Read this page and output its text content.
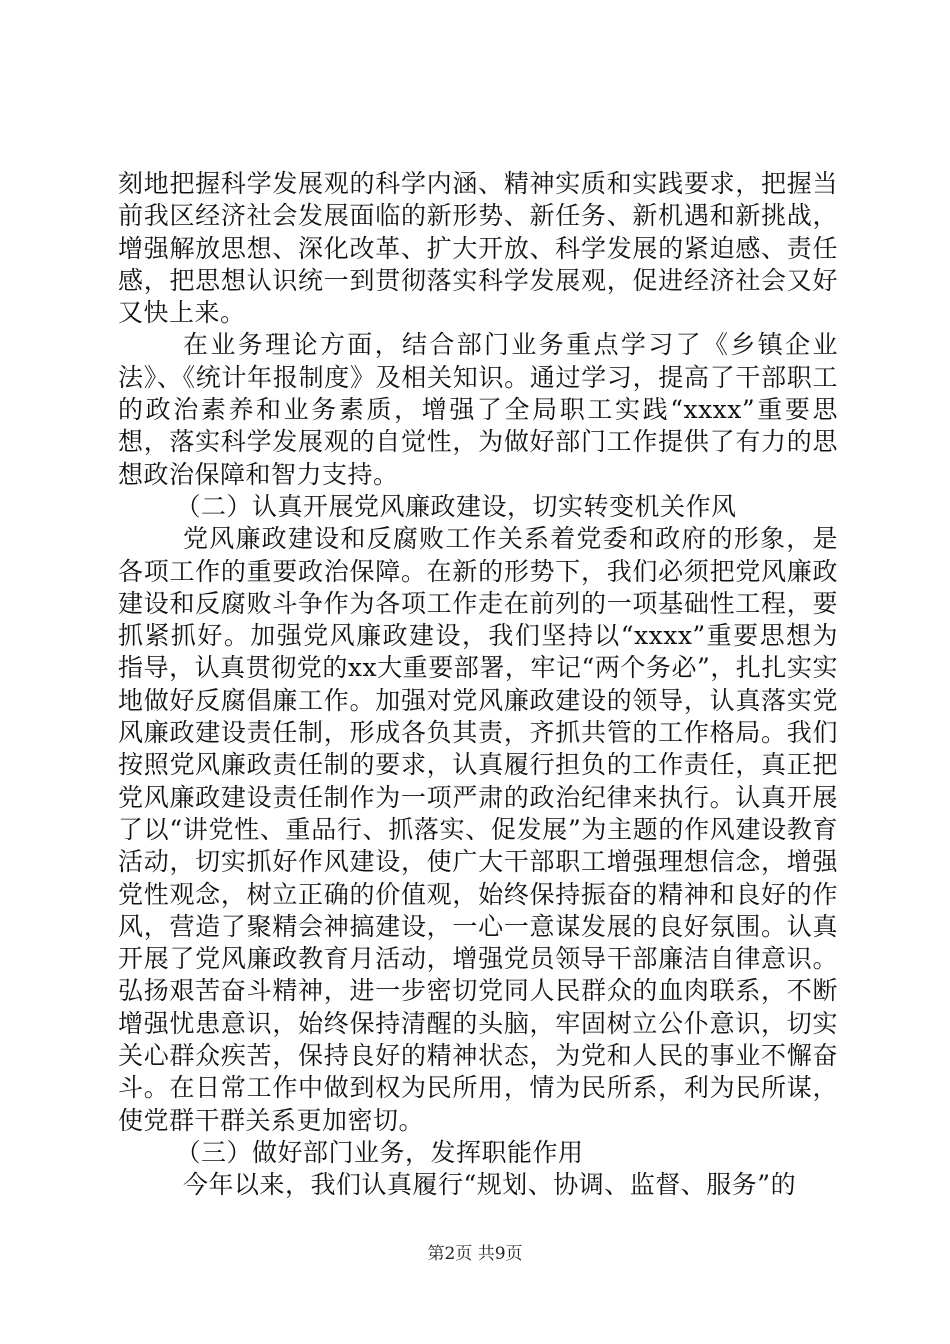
刻地把握科学发展观的科学内涵、精神实质和实践要求，把握当前我区经济社会发展面临的新形势、新任务、新机遇和新挑战，增强解放思想、深化改革、扩大开放、科学发展的紧迫感、责任感，把思想认识统一到贯彻落实科学发展观，促进经济社会又好又快上来。

在业务理论方面，结合部门业务重点学习了《乡镇企业法》、《统计年报制度》及相关知识。通过学习，提高了干部职工的政治素养和业务素质，增强了全局职工实践“xxxx”重要思想，落实科学发展观的自觉性，为做好部门工作提供了有力的思想政治保障和智力支持。

（二）认真开展党风廉政建设，切实转变机关作风

党风廉政建设和反腐败工作关系着党委和政府的形象，是各项工作的重要政治保障。在新的形势下，我们必须把党风廉政建设和反腐败斗争作为各项工作走在前列的一项基础性工程，要抓紧抓好。加强党风廉政建设，我们坚持以“xxxx”重要思想为指导，认真贯彻党的xx大重要部署，牢记“两个务必”，扎扎实实地做好反腐倡廉工作。加强对党风廉政建设的领导，认真落实党风廉政建设责任制，形成各负其责，齐抓共管的工作格局。我们按照党风廉政责任制的要求，认真履行担负的工作责任，真正把党风廉政建设责任制作为一项严肃的政治纪律来执行。认真开展了以“讲党性、重品行、抓落实、促发展”为主题的作风建设教育活动，切实抓好作风建设，使广大干部职工增强理想信念，增强党性观念，树立正确的价值观，始终保持振奋的精神和良好的作风，营造了聚精会神搞建设，一心一意谋发展的良好氛围。认真开展了党风廉政教育月活动，增强党员领导干部廉洁自律意识。弘扬艰苦奋斗精神，进一步密切党同人民群众的血肉联系，不断增强忧患意识，始终保持清醒的头脑，牢固树立公仆意识，切实关心群众疾苦，保持良好的精神状态，为党和人民的事业不懈奋斗。在日常工作中做到权为民所用，情为民所系，利为民所谋，使党群干群关系更加密切。

（三）做好部门业务，发挥职能作用

今年以来，我们认真履行“规划、协调、监督、服务”的

第2页 共9页
